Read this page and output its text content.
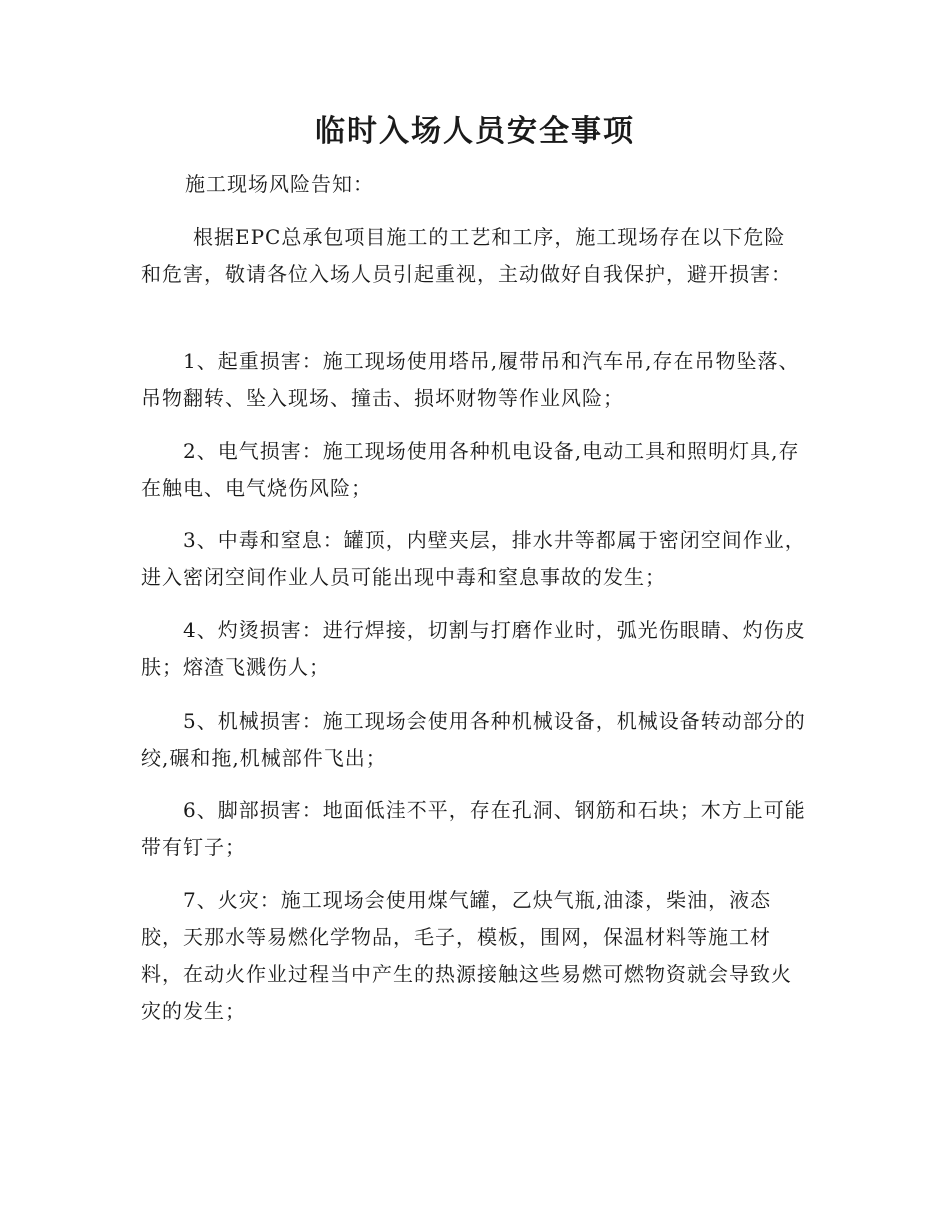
临时入场人员安全事项

施工现场风险告知：

根据EPC总承包项目施工的工艺和工序，施工现场存在以下危险和危害，敬请各位入场人员引起重视，主动做好自我保护，避开损害：

1、起重损害：施工现场使用塔吊,履带吊和汽车吊,存在吊物坠落、吊物翻转、坠入现场、撞击、损坏财物等作业风险；

2、电气损害：施工现场使用各种机电设备,电动工具和照明灯具,存在触电、电气烧伤风险；

3、中毒和窒息：罐顶，内壁夹层，排水井等都属于密闭空间作业，进入密闭空间作业人员可能出现中毒和窒息事故的发生；

4、灼烫损害：进行焊接，切割与打磨作业时，弧光伤眼睛、灼伤皮肤；熔渣飞溅伤人；

5、机械损害：施工现场会使用各种机械设备，机械设备转动部分的绞,碾和拖,机械部件飞出；

6、脚部损害：地面低洼不平，存在孔洞、钢筋和石块；木方上可能带有钉子；

7、火灾：施工现场会使用煤气罐，乙炔气瓶,油漆，柴油，液态胶，天那水等易燃化学物品，毛子，模板，围网，保温材料等施工材料，在动火作业过程当中产生的热源接触这些易燃可燃物资就会导致火灾的发生；
